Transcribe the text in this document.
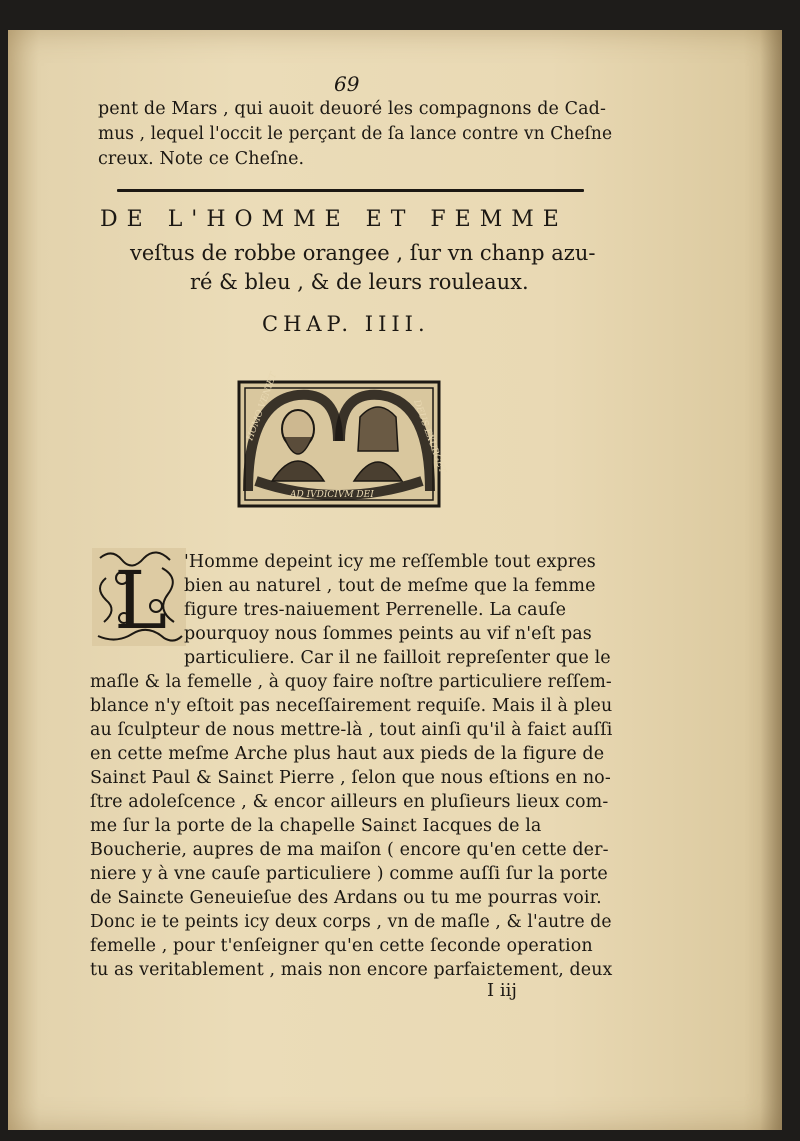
69
pent de Mars , qui auoit deuoré les compagnons de Cad-
mus , lequel l'occit le perçant de ſa lance contre vn Cheſne
creux. Note ce Cheſne.
DE L'HOMME ET FEMME
veſtus de robbe orangee , ſur vn chanp azu-
ré & bleu , & de leurs rouleaux.
CHAP. IIII.
HOMO VENIET	DEUS EXURGET
AD IVDICIVM DEI
L 'Homme depeint icy me reſſemble tout expres
bien au naturel , tout de meſme que la femme
figure tres-naiuement Perrenelle. La cauſe
pourquoy nous ſommes peints au vif n'eſt pas
particuliere. Car il ne failloit repreſenter que le
maſle & la femelle , à quoy faire noſtre particuliere reſſem-
blance n'y eſtoit pas neceſſairement requiſe. Mais il à pleu
au ſculpteur de nous mettre-là , tout ainſi qu'il à faiɛt auſſi
en cette meſme Arche plus haut aux pieds de la figure de
Sainɛt Paul & Sainɛt Pierre , ſelon que nous eſtions en no-
ſtre adoleſcence , & encor ailleurs en pluſieurs lieux com-
me ſur la porte de la chapelle Sainɛt Iacques de la
Boucherie, aupres de ma maiſon ( encore qu'en cette der-
niere y à vne cauſe particuliere ) comme auſſi ſur la porte
de Sainɛte Geneuieſue des Ardans ou tu me pourras voir.
Donc ie te peints icy deux corps , vn de maſle , & l'autre de
femelle , pour t'enſeigner qu'en cette ſeconde operation
tu as veritablement , mais non encore parfaiɛtement, deux
I iij
